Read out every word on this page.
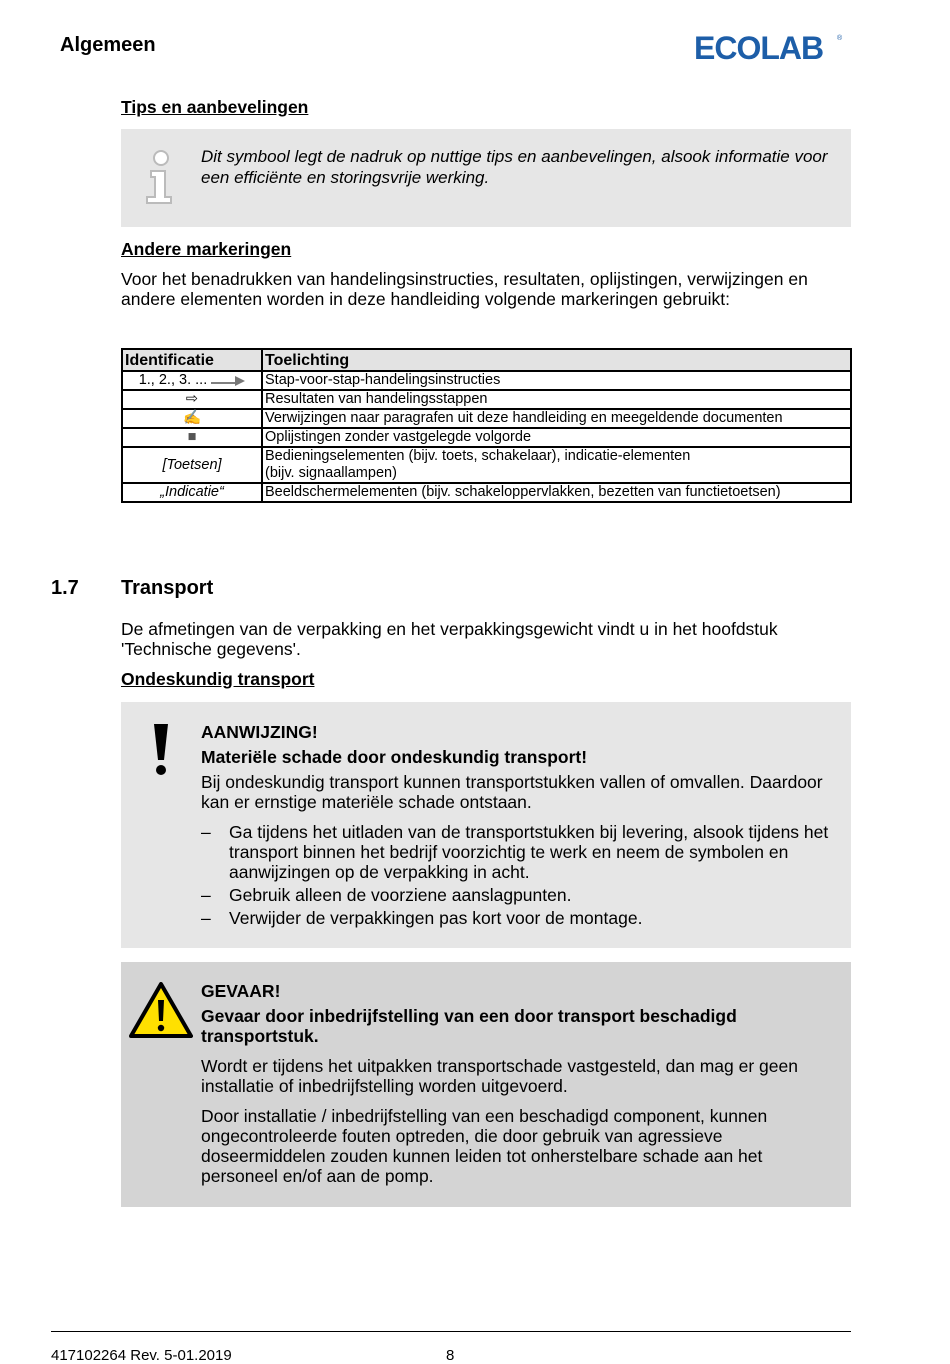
Algemeen	ECOLAB ®
Tips en aanbevelingen
Dit symbool legt de nadruk op nuttige tips en aanbevelingen, alsook informatie voor een efficiënte en storingsvrije werking.
Andere markeringen
Voor het benadrukken van handelingsinstructies, resultaten, oplijstingen, verwijzingen en andere elementen worden in deze handleiding volgende markeringen gebruikt:
Identificatie	Toelichting
1., 2., 3. ...	Stap-voor-stap-handelingsinstructies
⇨	Resultaten van handelingsstappen
✍	Verwijzingen naar paragrafen uit deze handleiding en meegeldende documenten
■	Oplijstingen zonder vastgelegde volgorde
[Toetsen]	Bedieningselementen (bijv. toets, schakelaar), indicatie-elementen
(bijv. signaallampen)

„Indicatie“	Beeldschermelementen (bijv. schakeloppervlakken, bezetten van functietoetsen)
1.7 Transport
De afmetingen van de verpakking en het verpakkingsgewicht vindt u in het hoofdstuk
'Technische gegevens'.
Ondeskundig transport
AANWIJZING!
Materiële schade door ondeskundig transport!
Bij ondeskundig transport kunnen transportstukken vallen of omvallen. Daardoor kan er ernstige materiële schade ontstaan.
– Ga tijdens het uitladen van de transportstukken bij levering, alsook tijdens het transport binnen het bedrijf voorzichtig te werk en neem de symbolen en aanwijzingen op de verpakking in acht.
– Gebruik alleen de voorziene aanslagpunten.
– Verwijder de verpakkingen pas kort voor de montage.
GEVAAR!
Gevaar door inbedrijfstelling van een door transport beschadigd transportstuk.
Wordt er tijdens het uitpakken transportschade vastgesteld, dan mag er geen installatie of inbedrijfstelling worden uitgevoerd.
Door installatie / inbedrijfstelling van een beschadigd component, kunnen ongecontroleerde fouten optreden, die door gebruik van agressieve doseermiddelen zouden kunnen leiden tot onherstelbare schade aan het personeel en/of aan de pomp.
417102264 Rev. 5-01.2019	8
